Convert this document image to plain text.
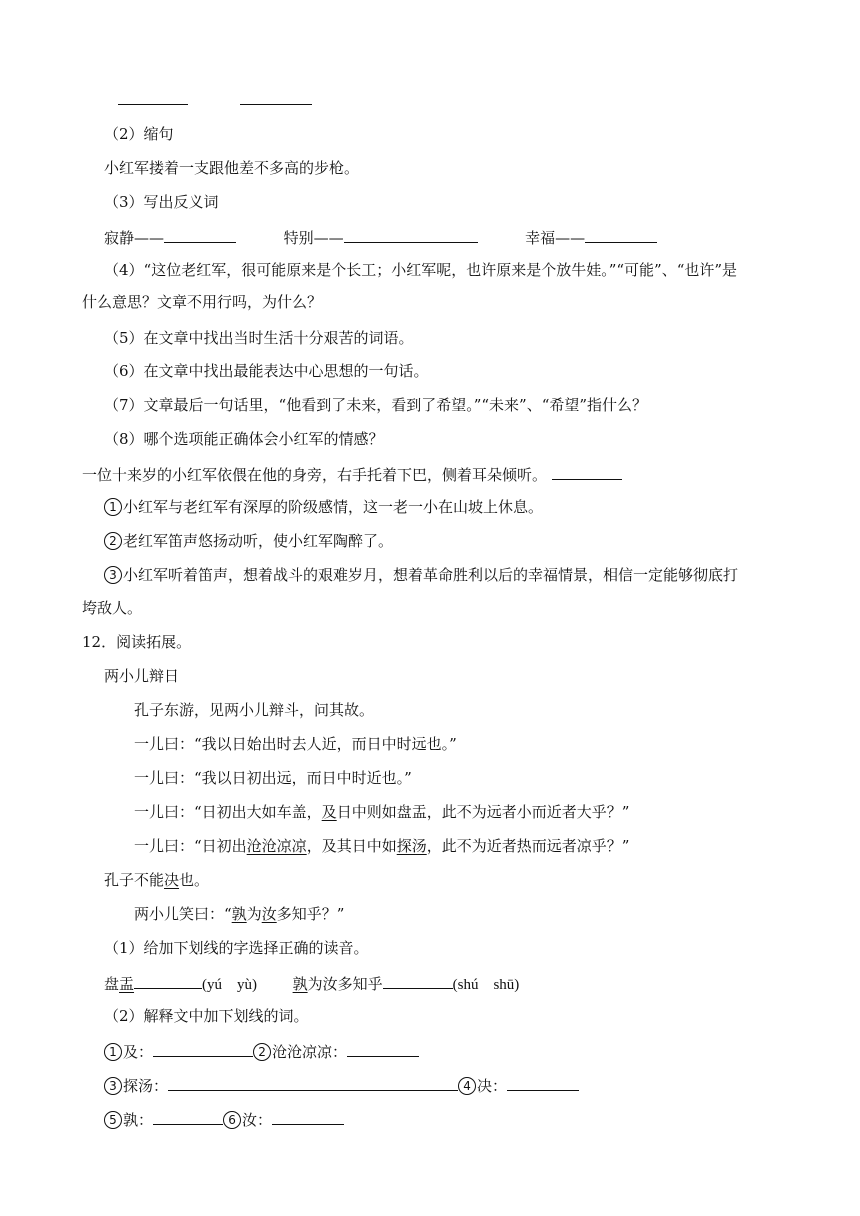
（2）缩句
小红军搂着一支跟他差不多高的步枪。
（3）写出反义词
寂静——	特别——	幸福——
（4）“这位老红军，很可能原来是个长工；小红军呢，也许原来是个放牛娃。”“可能”、“也许”是
什么意思？文章不用行吗，为什么？
（5）在文章中找出当时生活十分艰苦的词语。
（6）在文章中找出最能表达中心思想的一句话。
（7）文章最后一句话里，“他看到了未来，看到了希望。”“未来”、“希望”指什么？
（8）哪个选项能正确体会小红军的情感？
一位十来岁的小红军依偎在他的身旁，右手托着下巴，侧着耳朵倾听。
1 小红军与老红军有深厚的阶级感情，这一老一小在山坡上休息。
2 老红军笛声悠扬动听，使小红军陶醉了。
3 小红军听着笛声，想着战斗的艰难岁月，想着革命胜利以后的幸福情景，相信一定能够彻底打
垮敌人。
12．阅读拓展。
两小儿辩日
孔子东游，见两小儿辩斗，问其故。
一儿曰：“我以日始出时去人近，而日中时远也。”
一儿曰：“我以日初出远，而日中时近也。”
一儿曰：“日初出大如车盖，及日中则如盘盂，此不为远者小而近者大乎？”
一儿曰：“日初出沧沧凉凉，及其日中如探汤，此不为近者热而远者凉乎？”
孔子不能决也。
两小儿笑曰：“孰为汝多知乎？”
（1）给加下划线的字选择正确的读音。
盘盂	(yú　yù) 孰为汝多知乎	(shú　shū)
（2）解释文中加下划线的词。
1 及：	2 沧沧凉凉：
3 探汤：	4 决：
5 孰：	6 汝：
